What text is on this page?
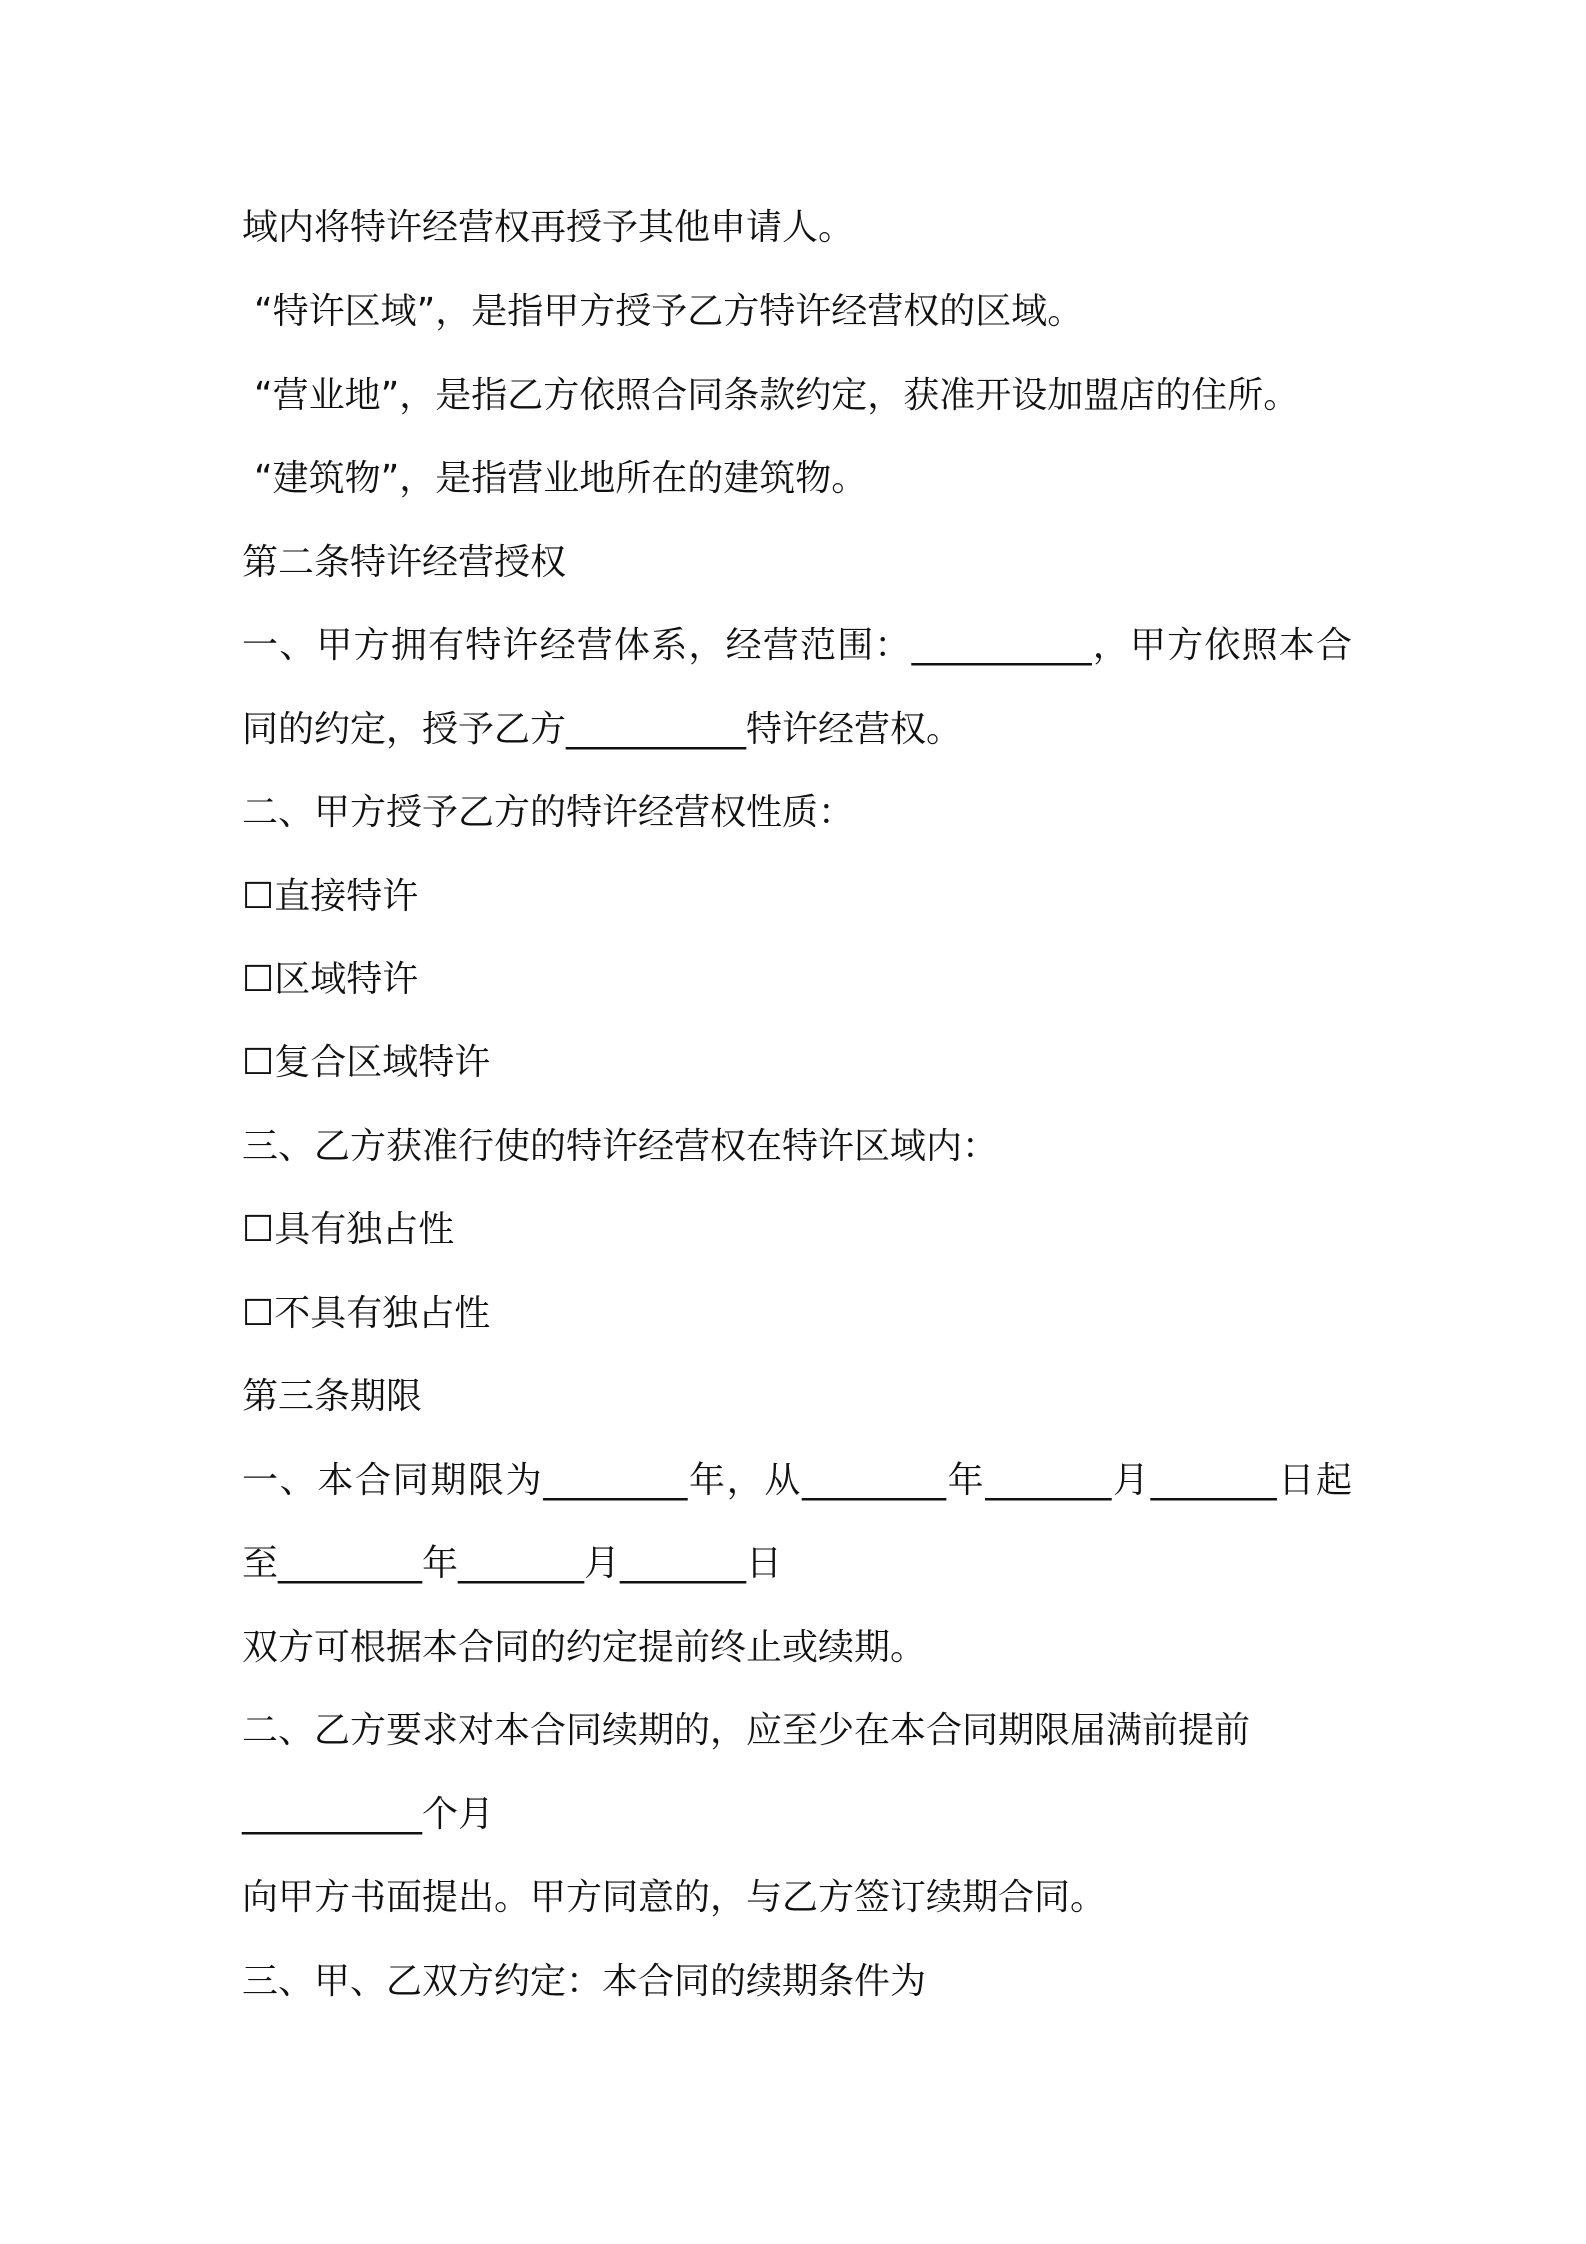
域内将特许经营权再授予其他申请人。
“特许区域”，是指甲方授予乙方特许经营权的区域。
“营业地”，是指乙方依照合同条款约定，获准开设加盟店的住所。
“建筑物”，是指营业地所在的建筑物。
第二条特许经营授权
一、甲方拥有特许经营体系，经营范围：__________，甲方依照本合
同的约定，授予乙方__________特许经营权。
二、甲方授予乙方的特许经营权性质：
☐直接特许
☐区域特许
☐复合区域特许
三、乙方获准行使的特许经营权在特许区域内：
☐具有独占性
☐不具有独占性
第三条期限
一、本合同期限为________年，从________年_______月_______日起
至________年_______月_______日
双方可根据本合同的约定提前终止或续期。
二、乙方要求对本合同续期的，应至少在本合同期限届满前提前
__________个月
向甲方书面提出。甲方同意的，与乙方签订续期合同。
三、甲、乙双方约定：本合同的续期条件为
